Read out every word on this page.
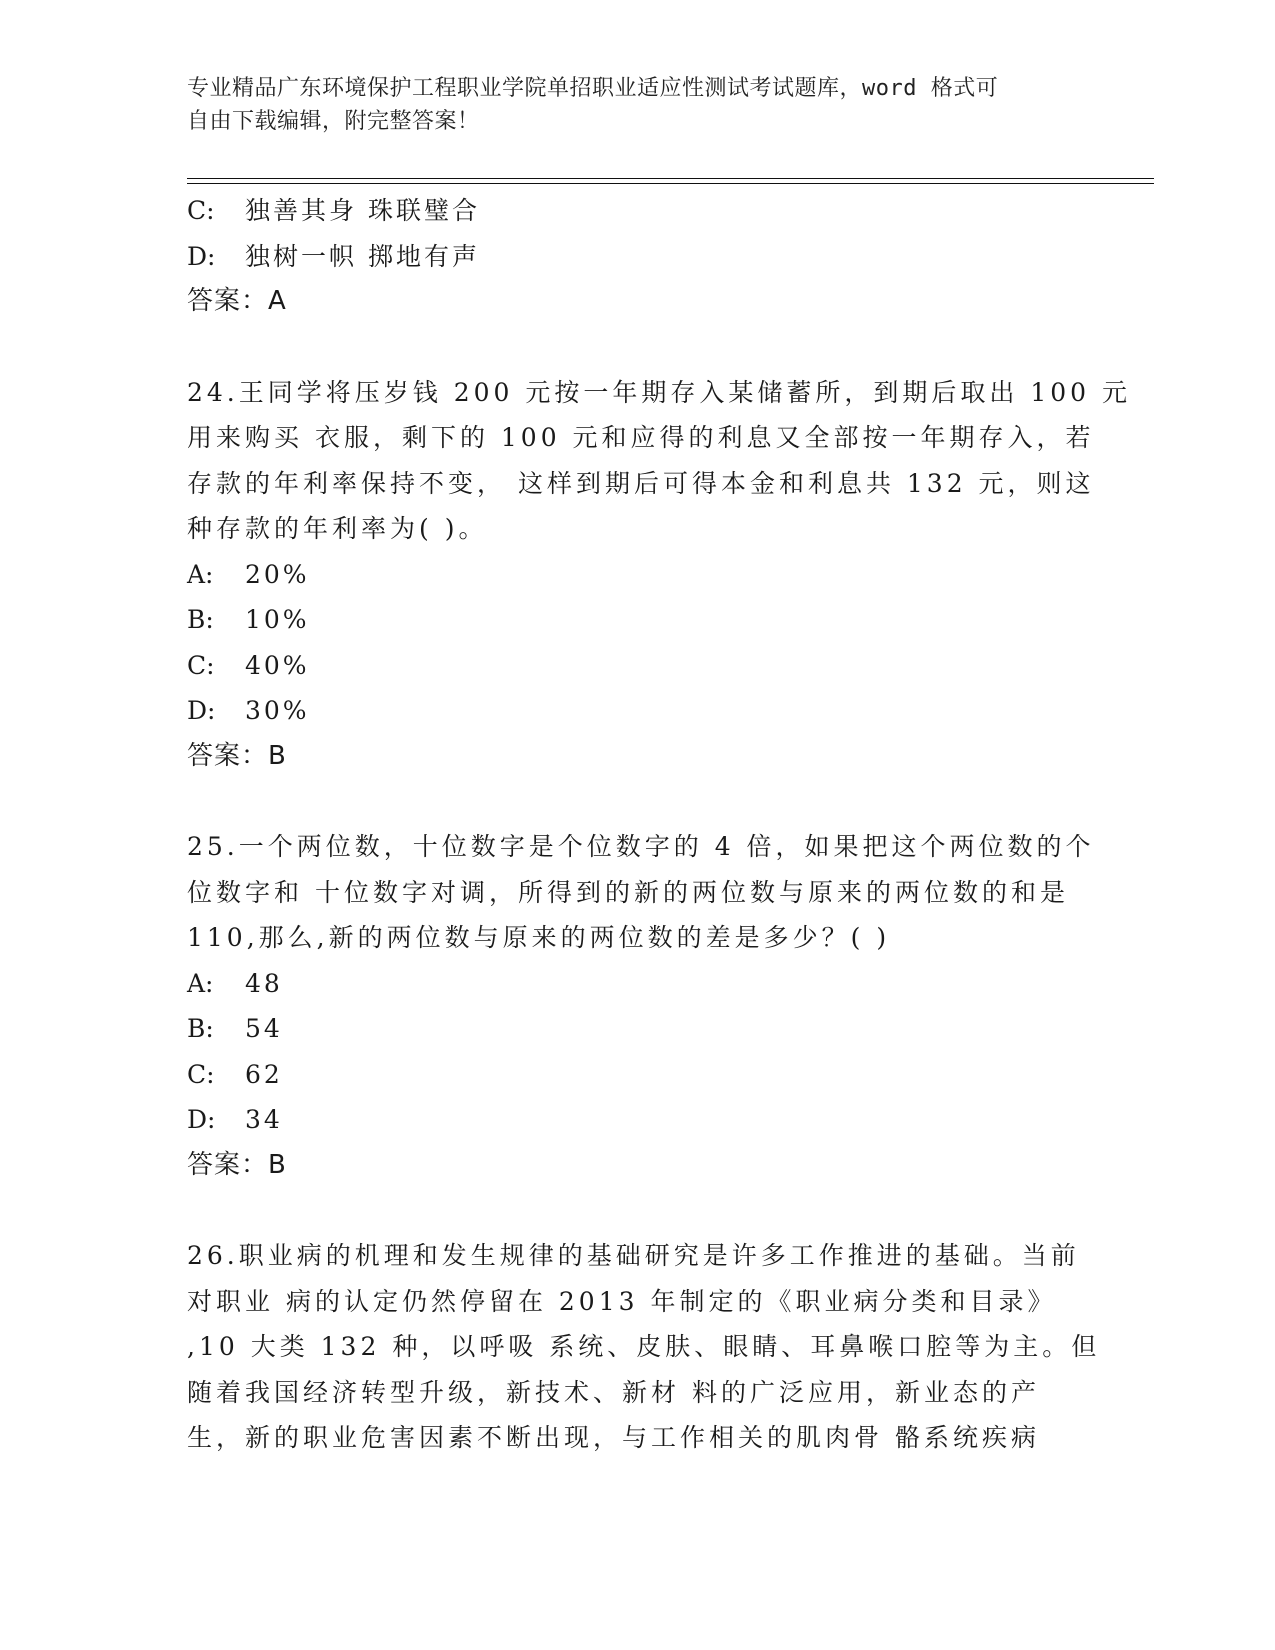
专业精品广东环境保护工程职业学院单招职业适应性测试考试题库，word 格式可
自由下载编辑，附完整答案！
C: 独善其身 珠联璧合
D: 独树一帜 掷地有声
答案：A
24.王同学将压岁钱 200 元按一年期存入某储蓄所，到期后取出 100 元
用来购买 衣服，剩下的 100 元和应得的利息又全部按一年期存入，若
存款的年利率保持不变， 这样到期后可得本金和利息共 132 元，则这
种存款的年利率为( )。
A: 20%
B: 10%
C: 40%
D: 30%
答案：B
25.一个两位数，十位数字是个位数字的 4 倍，如果把这个两位数的个
位数字和 十位数字对调，所得到的新的两位数与原来的两位数的和是
110,那么,新的两位数与原来的两位数的差是多少？( )
A: 48
B: 54
C: 62
D: 34
答案：B
26.职业病的机理和发生规律的基础研究是许多工作推进的基础。当前
对职业 病的认定仍然停留在 2013 年制定的《职业病分类和目录》
,10 大类 132 种，以呼吸 系统、皮肤、眼睛、耳鼻喉口腔等为主。但
随着我国经济转型升级，新技术、新材 料的广泛应用，新业态的产
生，新的职业危害因素不断出现，与工作相关的肌肉骨 骼系统疾病
